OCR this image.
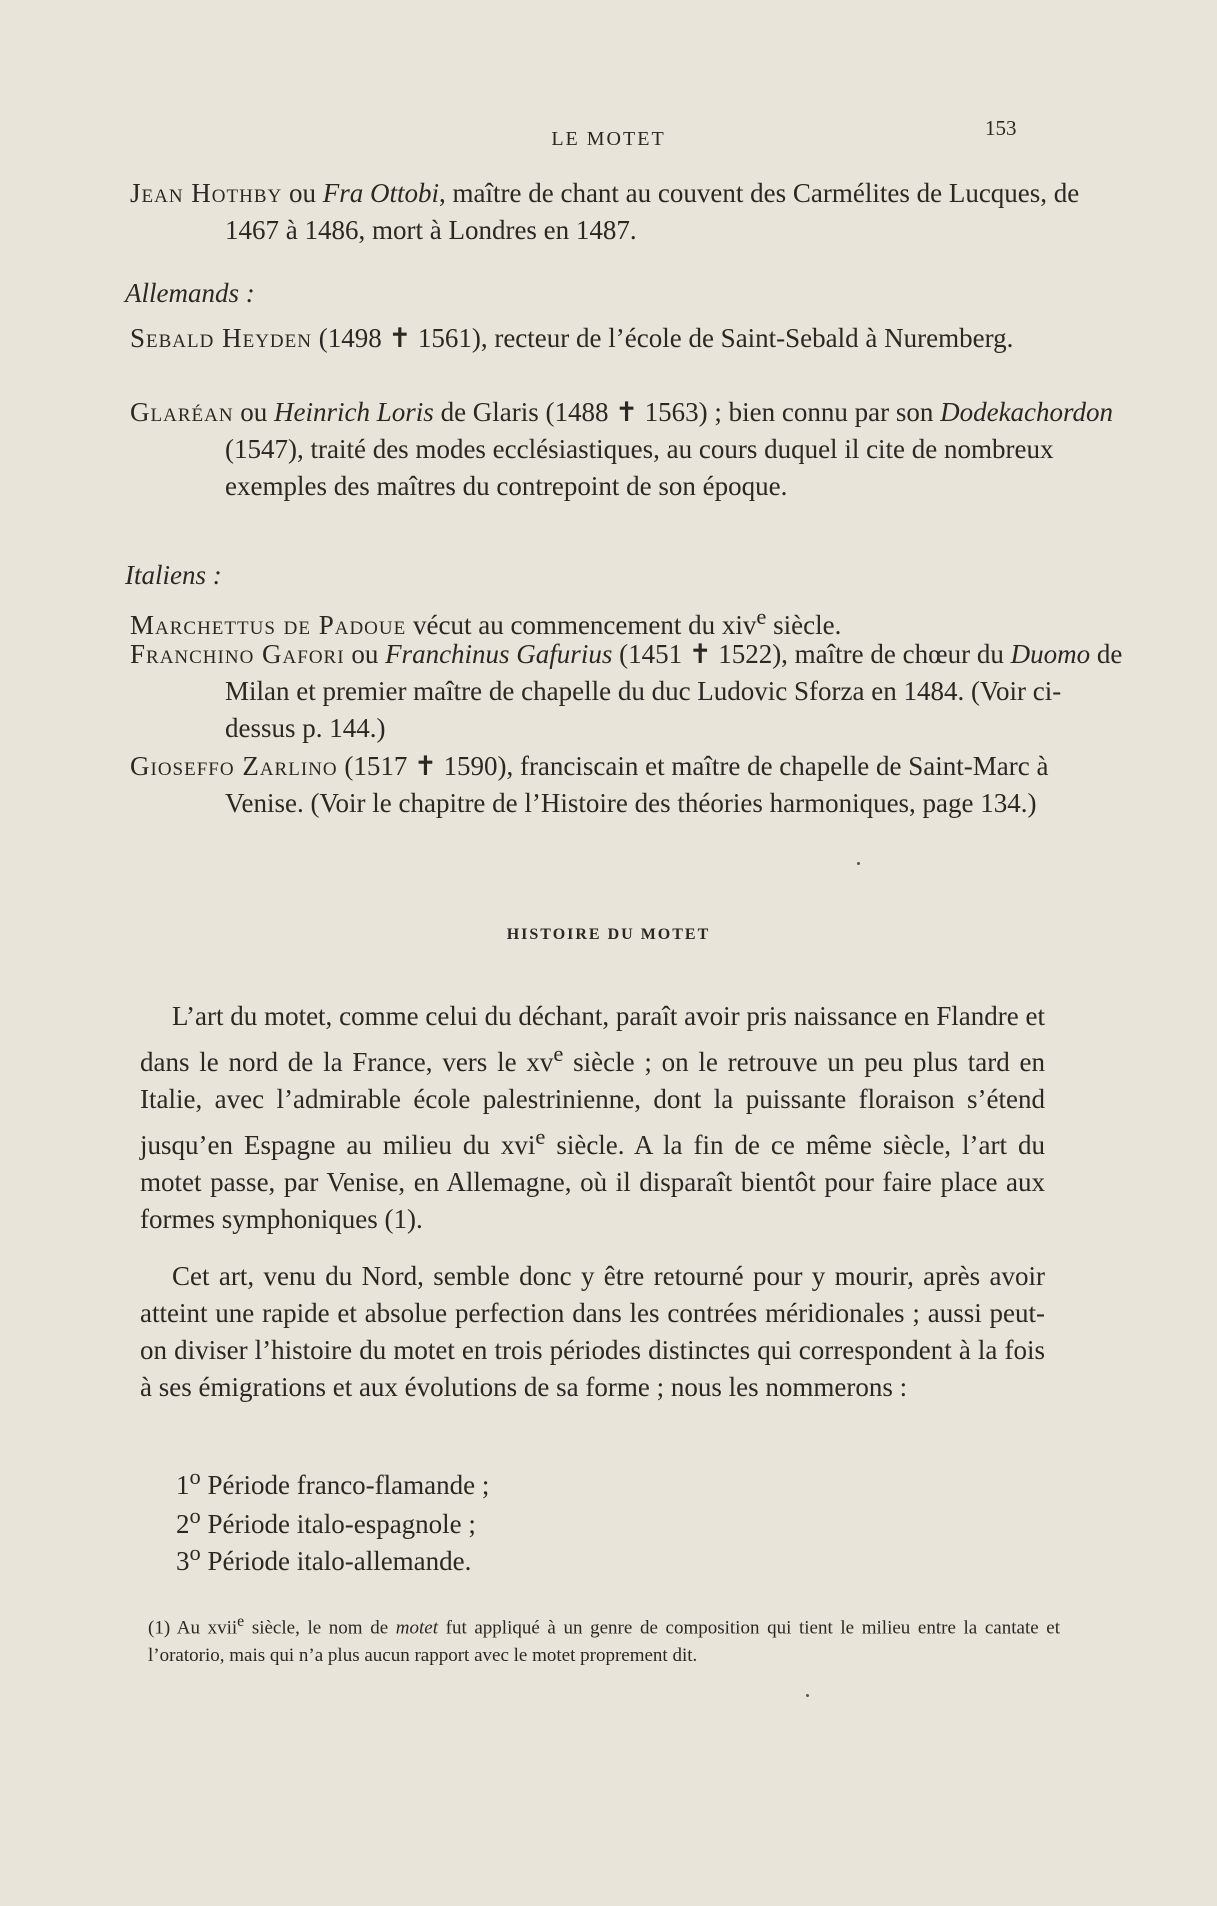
LE MOTET	153
Jean Hothby ou Fra Ottobi, maître de chant au couvent des Carmélites de Lucques, de 1467 à 1486, mort à Londres en 1487.
Allemands :
Sebald Heyden (1498 ✝ 1561), recteur de l’école de Saint-Sebald à Nuremberg.
Glaréan ou Heinrich Loris de Glaris (1488 ✝ 1563) ; bien connu par son Dodekachordon (1547), traité des modes ecclésiastiques, au cours duquel il cite de nombreux exemples des maîtres du contrepoint de son époque.
Italiens :
Marchettus de Padoue vécut au commencement du xiv$^e$ siècle.
Franchino Gafori ou Franchinus Gafurius (1451 ✝ 1522), maître de chœur du Duomo de Milan et premier maître de chapelle du duc Ludovic Sforza en 1484. (Voir ci-dessus p. 144.)
Gioseffo Zarlino (1517 ✝ 1590), franciscain et maître de chapelle de Saint-Marc à Venise. (Voir le chapitre de l’Histoire des théories harmoniques, page 134.)
HISTOIRE DU MOTET
L’art du motet, comme celui du déchant, paraît avoir pris naissance en Flandre et dans le nord de la France, vers le $xv^e$ siècle ; on le retrouve un peu plus tard en Italie, avec l’admirable école palestrinienne, dont la puissante floraison s’étend jusqu’en Espagne au milieu du xvi$^e$ siècle. A la fin de ce même siècle, l’art du motet passe, par Venise, en Allemagne, où il disparaît bientôt pour faire place aux formes symphoniques (1).
Cet art, venu du Nord, semble donc y être retourné pour y mourir, après avoir atteint une rapide et absolue perfection dans les contrées méridionales ; aussi peut-on diviser l’histoire du motet en trois périodes distinctes qui correspondent à la fois à ses émigrations et aux évolutions de sa forme ; nous les nommerons :
1$^o$ Période franco-flamande ;
2$^o$ Période italo-espagnole ;
3$^o$ Période italo-allemande.
(1) Au xvii$^e$ siècle, le nom de motet fut appliqué à un genre de composition qui tient le milieu entre la cantate et l’oratorio, mais qui n’a plus aucun rapport avec le motet proprement dit.
